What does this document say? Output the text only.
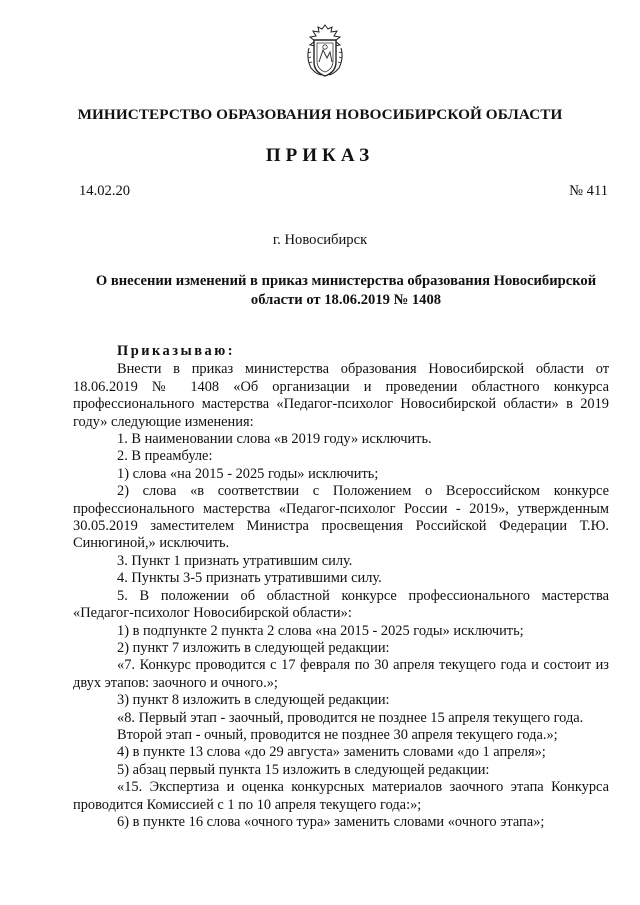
МИНИСТЕРСТВО ОБРАЗОВАНИЯ НОВОСИБИРСКОЙ ОБЛАСТИ
ПРИКАЗ
14.02.20	№ 411
г. Новосибирск
О внесении изменений в приказ министерства образования Новосибирской области от 18.06.2019 № 1408
Приказываю:

Внести в приказ министерства образования Новосибирской области от 18.06.2019 № 1408 «Об организации и проведении областного конкурса профессионального мастерства «Педагог-психолог Новосибирской области» в 2019 году» следующие изменения:

1. В наименовании слова «в 2019 году» исключить.

2. В преамбуле:

1) слова «на 2015 - 2025 годы» исключить;

2) слова «в соответствии с Положением о Всероссийском конкурсе профессионального мастерства «Педагог-психолог России - 2019», утвержденным 30.05.2019 заместителем Министра просвещения Российской Федерации Т.Ю. Синюгиной,» исключить.

3. Пункт 1 признать утратившим силу.

4. Пункты 3-5 признать утратившими силу.

5. В положении об областной конкурсе профессионального мастерства «Педагог-психолог Новосибирской области»:

1) в подпункте 2 пункта 2 слова «на 2015 - 2025 годы» исключить;

2) пункт 7 изложить в следующей редакции:

«7. Конкурс проводится с 17 февраля по 30 апреля текущего года и состоит из двух этапов: заочного и очного.»;

3) пункт 8 изложить в следующей редакции:

«8. Первый этап - заочный, проводится не позднее 15 апреля текущего года.

Второй этап - очный, проводится не позднее 30 апреля текущего года.»;

4) в пункте 13 слова «до 29 августа» заменить словами «до 1 апреля»;

5) абзац первый пункта 15 изложить в следующей редакции:

«15. Экспертиза и оценка конкурсных материалов заочного этапа Конкурса проводится Комиссией с 1 по 10 апреля текущего года:»;

6) в пункте 16 слова «очного тура» заменить словами «очного этапа»;
